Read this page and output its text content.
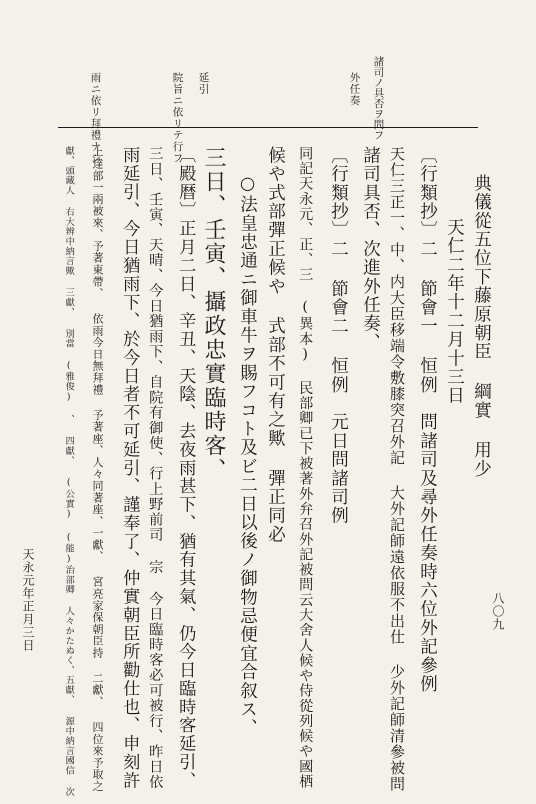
諸司ノ具否ヲ問フ
外任奏
延引
院旨ニ依リテ行フ
雨ニ依リ拜禮ナシ
典儀從五位下藤原朝臣 綱實 用少
天仁二年十二月十三日
〔行類抄〕二 節會一 恒例　問諸司及尋外任奏時六位外記參例
天仁三正一、中、内大臣移端令敷膝突召外記 大外記師遠依服不出仕 少外記師清參被問
諸司具否、次進外任奏、
〔行類抄〕二 節會二 恒例　元日問諸司例
同記天永元、正、三 (異本) 民部卿已下被著外弁召外記被問云大舍人候や侍從列候や國栖
候や式部彈正候や 式部不可有之歟 彈正同必
○法皇忠通ニ御車牛ヲ賜フコト及ビ二日以後ノ御物忌便宜合叙ス、
三日、壬寅、攝政忠實臨時客、
〔殿暦〕正月二日、辛丑、天陰、去夜雨甚下、猶有其氣、仍今日臨時客延引、
三日、壬寅、天晴、今日猶雨下、自院有御使、行上野前司 宗 今日臨時客必可被行、昨日依
雨延引、今日猶雨下、於今日者不可延引、謹奉了、仲實朝臣所勸仕也、申刻許
上達部一兩被來、予著東帶、 依雨今日無拜禮 予著座、人々同著座、一獻、 宮亮家保朝臣持 二獻、 四位來予取之
獻、頭藏人 右大辨中納言歟 三獻、 別當 (雅俊) 、 四獻、 (公實) (能)治部卿 人々かたぬく、五獻、 源中納言國信 次
天永元年正月三日	八〇九
